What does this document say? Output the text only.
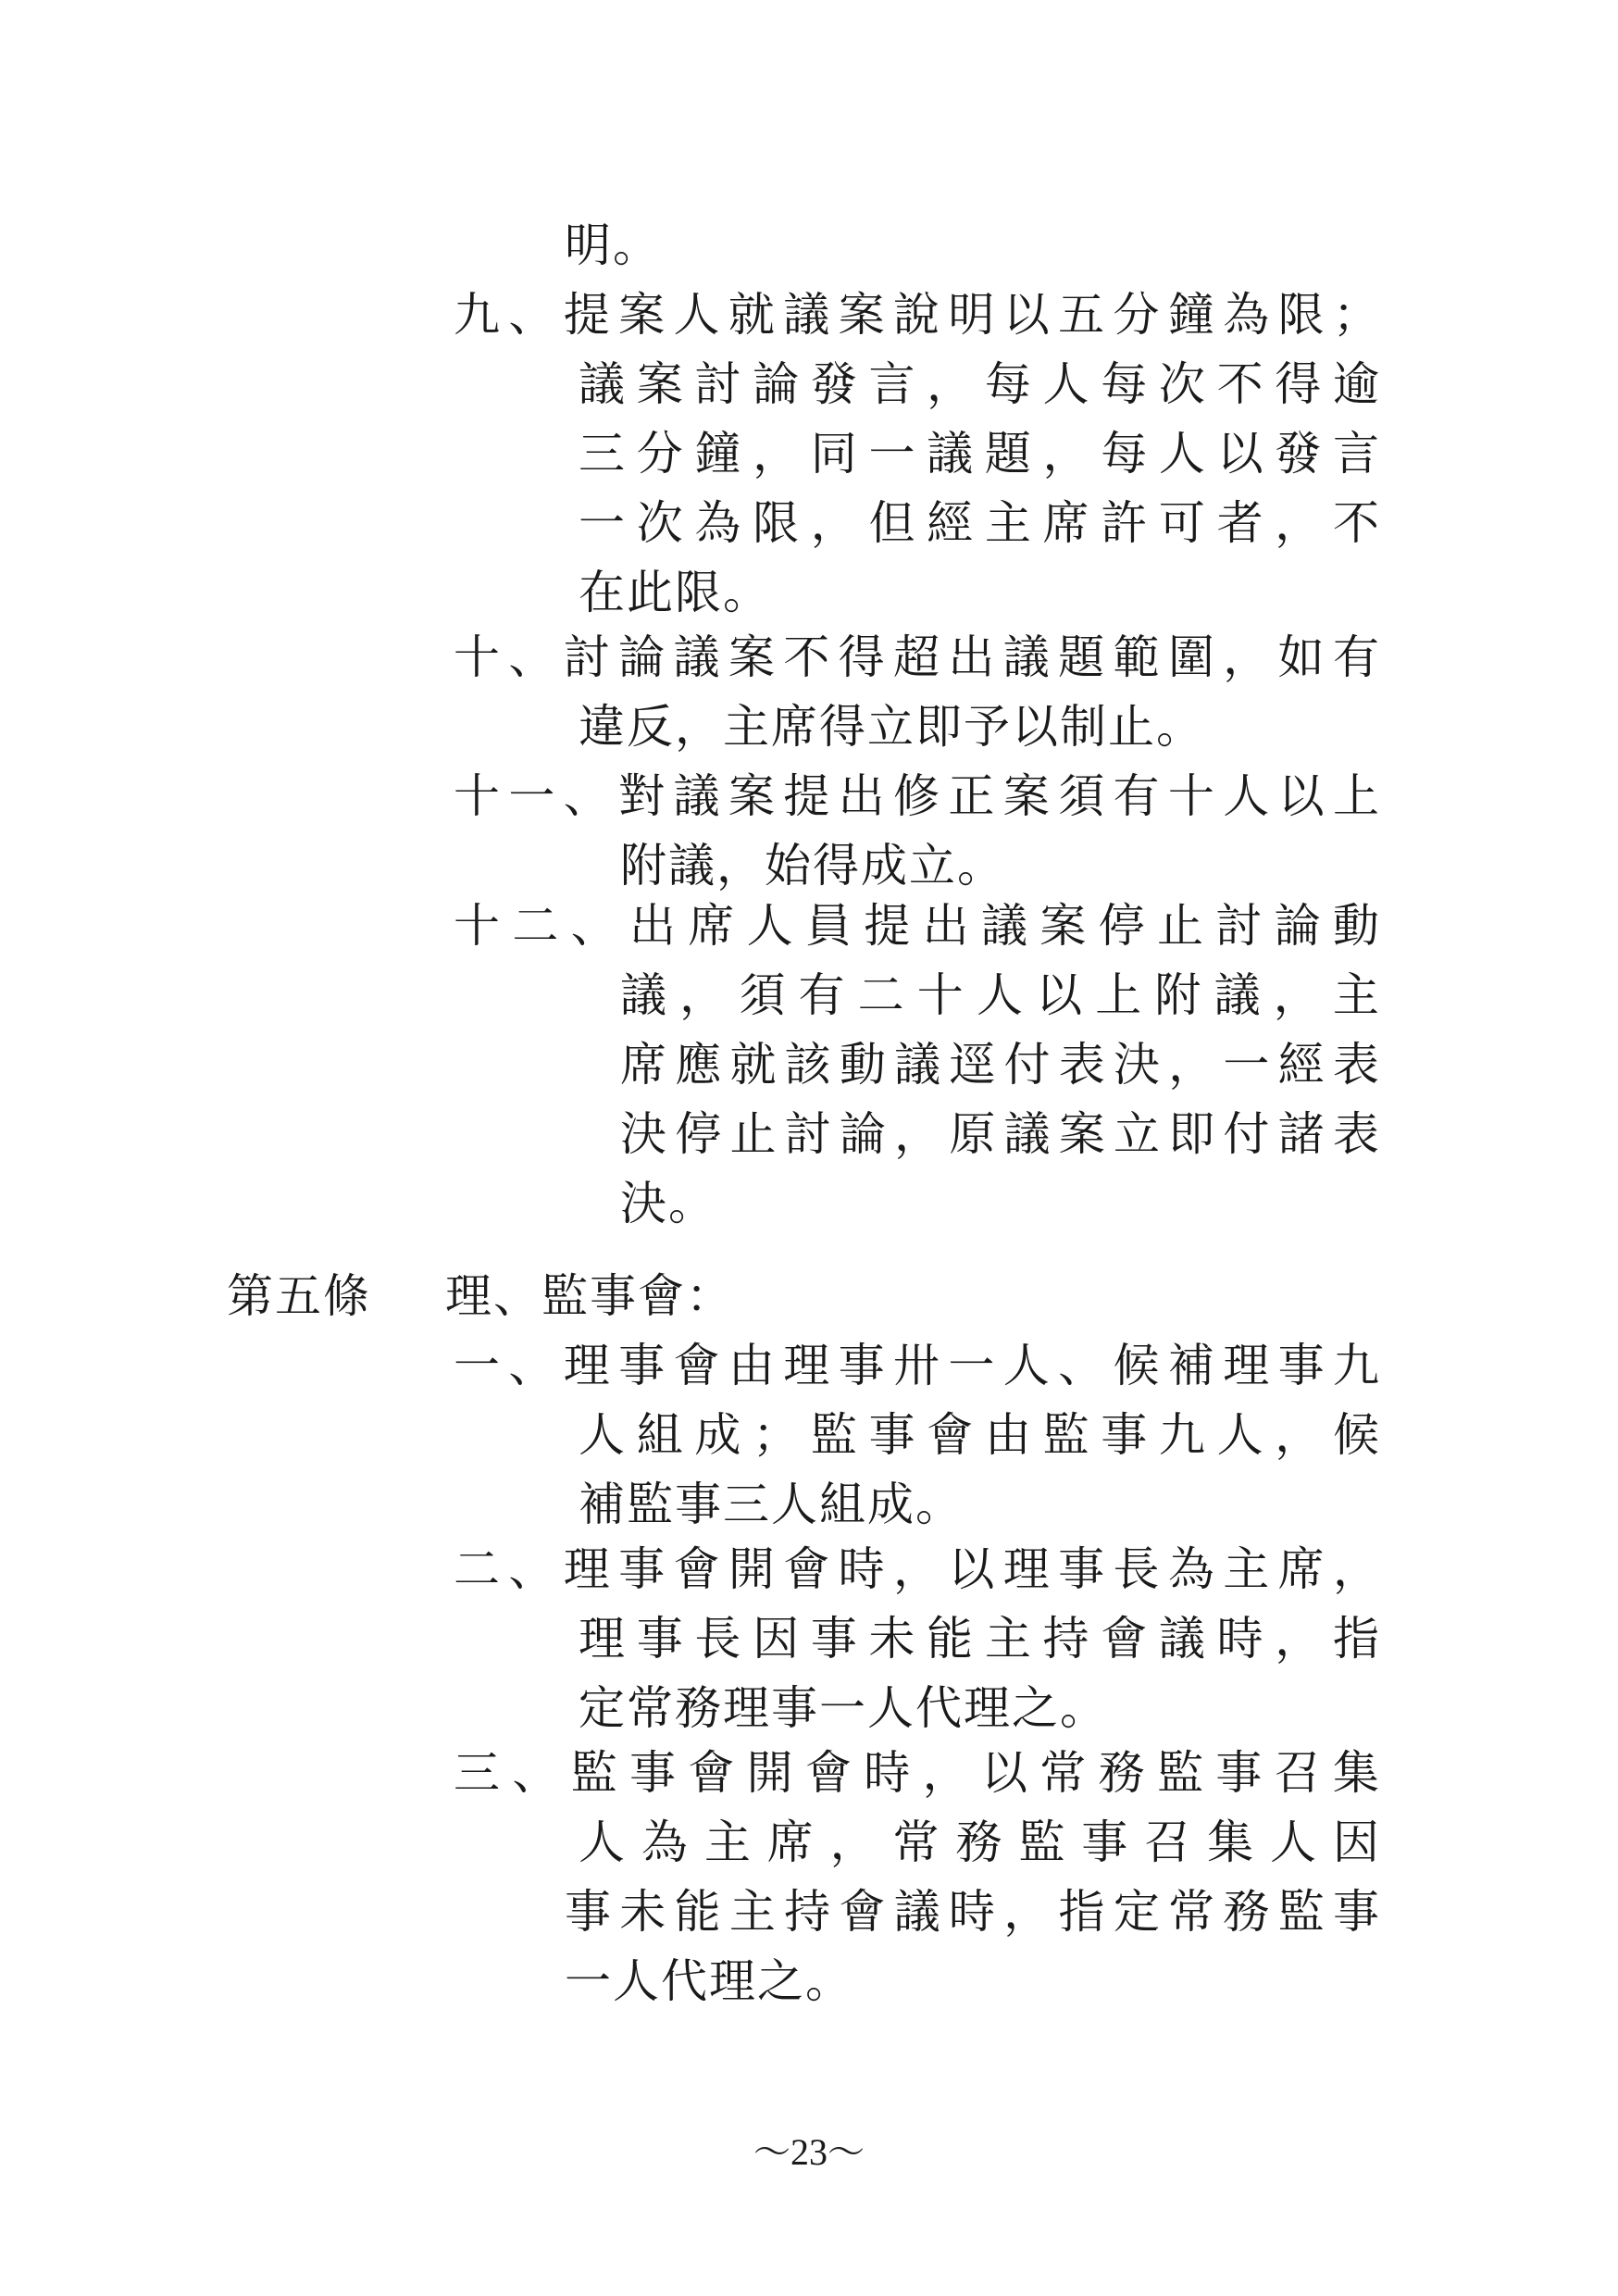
明。
九 、 提 案 人 就 議 案 說 明 以 五 分 鐘 為 限 ；
議 案 討 論 發 言 ， 每 人 每 次 不 得 逾
三 分 鐘 ， 同 一 議 題 ， 每 人 以 發 言
一 次 為 限 ， 但 經 主 席 許 可 者 ， 不
在此限。
十 、 討 論 議 案 不 得 超 出 議 題 範 圍 ， 如 有
違反，主席得立即予以制止。
十 一 、 對 議 案 提 出 修 正 案 須 有 十 人 以 上
附議，始得成立。
十 二 、 出 席 人 員 提 出 議 案 停 止 討 論 動
議 ， 須 有 二 十 人 以 上 附 議 ， 主
席 應 就 該 動 議 逕 付 表 決 ， 一 經 表
決 停 止 討 論 ， 原 議 案 立 即 付 諸 表
決。
第五條 理、監事會：
一 、 理 事 會 由 理 事 卅 一 人 、 候 補 理 事 九
人 組 成 ； 監 事 會 由 監 事 九 人 ， 候
補監事三人組成。
二 、 理 事 會 開 會 時 ， 以 理 事 長 為 主 席 ，
理 事 長 因 事 未 能 主 持 會 議 時 ， 指
定常務理事一人代理之。
三 、 監 事 會 開 會 時 ， 以 常 務 監 事 召 集
人 為 主 席 ， 常 務 監 事 召 集 人 因
事 未 能 主 持 會 議 時 ， 指 定 常 務 監 事
一人代理之。
～23～
